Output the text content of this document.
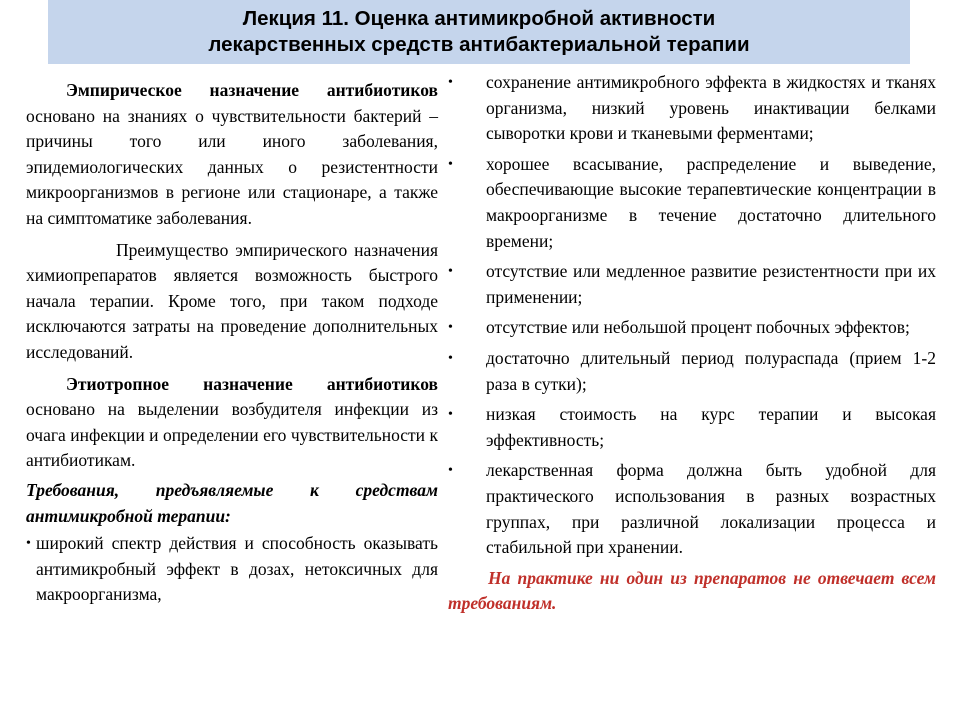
Лекция 11. Оценка антимикробной активности
лекарственных средств антибактериальной терапии

Эмпирическое назначение антибиотиков основано на знаниях о чувствительности бактерий – причины того или иного заболевания, эпидемиологических данных о резистентности микроорганизмов в регионе или стационаре, а также на симптоматике заболевания.

Преимущество эмпирического назначения химиопрепаратов является возможность быстрого начала терапии. Кроме того, при таком подходе исключаются затраты на проведение дополнительных исследований.

Этиотропное назначение антибиотиков основано на выделении возбудителя инфекции из очага инфекции и определении его чувствительности к антибиотикам.

Требования, предъявляемые к средствам антимикробной терапии:

• широкий спектр действия и способность оказывать антимикробный эффект в дозах, нетоксичных для макроорганизма,
•	сохранение антимикробного эффекта в жидкостях и тканях организма, низкий уровень инактивации белками сыворотки крови и тканевыми ферментами;
•	хорошее всасывание, распределение и выведение, обеспечивающие высокие терапевтические концентрации в макроорганизме в течение достаточно длительного времени;
•	отсутствие или медленное развитие резистентности при их применении;
•	отсутствие или небольшой процент побочных эффектов;
•	достаточно длительный период полураспада (прием 1-2 раза в сутки);
•	низкая стоимость на курс терапии и высокая эффективность;
•	лекарственная форма должна быть удобной для практического использования в разных возрастных группах, при различной локализации процесса и стабильной при хранении.

На практике ни один из препаратов не отвечает всем требованиям.
